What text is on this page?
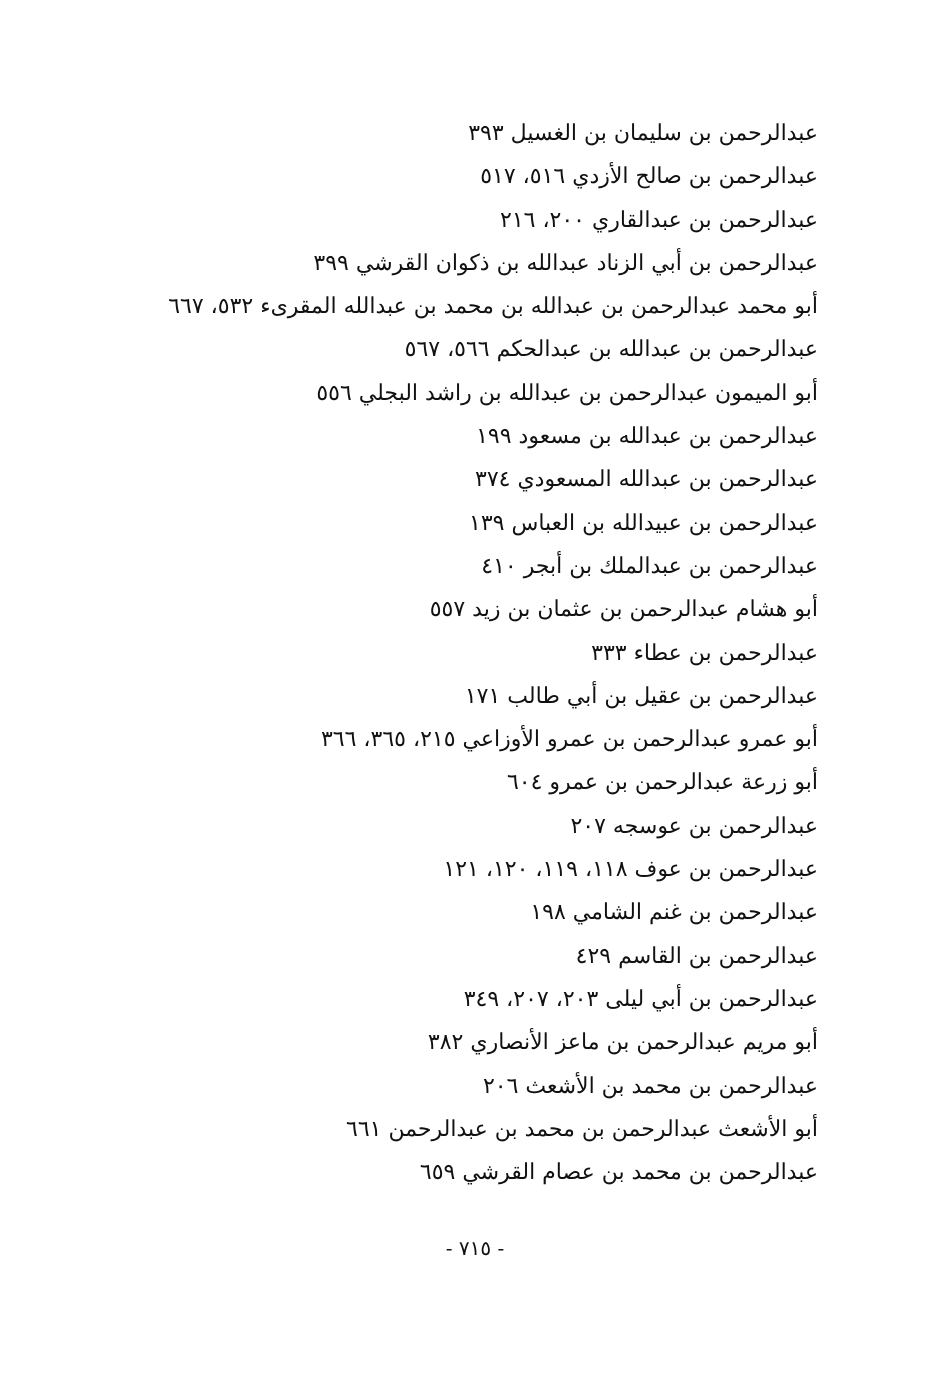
عبدالرحمن بن سليمان بن الغسيل ٣٩٣
عبدالرحمن بن صالح الأزدي ٥١٦، ٥١٧
عبدالرحمن بن عبدالقاري ٢٠٠، ٢١٦
عبدالرحمن بن أبي الزناد عبدالله بن ذكوان القرشي ٣٩٩
أبو محمد عبدالرحمن بن عبدالله بن محمد بن عبدالله المقرىء ٥٣٢، ٦٦٧
عبدالرحمن بن عبدالله بن عبدالحكم ٥٦٦، ٥٦٧
أبو الميمون عبدالرحمن بن عبدالله بن راشد البجلي ٥٥٦
عبدالرحمن بن عبدالله بن مسعود ١٩٩
عبدالرحمن بن عبدالله المسعودي ٣٧٤
عبدالرحمن بن عبيدالله بن العباس ١٣٩
عبدالرحمن بن عبدالملك بن أبجر ٤١٠
أبو هشام عبدالرحمن بن عثمان بن زيد ٥٥٧
عبدالرحمن بن عطاء ٣٣٣
عبدالرحمن بن عقيل بن أبي طالب ١٧١
أبو عمرو عبدالرحمن بن عمرو الأوزاعي ٢١٥، ٣٦٥، ٣٦٦
أبو زرعة عبدالرحمن بن عمرو ٦٠٤
عبدالرحمن بن عوسجه ٢٠٧
عبدالرحمن بن عوف ١١٨، ١١٩، ١٢٠، ١٢١
عبدالرحمن بن غنم الشامي ١٩٨
عبدالرحمن بن القاسم ٤٢٩
عبدالرحمن بن أبي ليلى ٢٠٣، ٢٠٧، ٣٤٩
أبو مريم عبدالرحمن بن ماعز الأنصاري ٣٨٢
عبدالرحمن بن محمد بن الأشعث ٢٠٦
أبو الأشعث عبدالرحمن بن محمد بن عبدالرحمن ٦٦١
عبدالرحمن بن محمد بن عصام القرشي ٦٥٩
- ٧١٥ -
